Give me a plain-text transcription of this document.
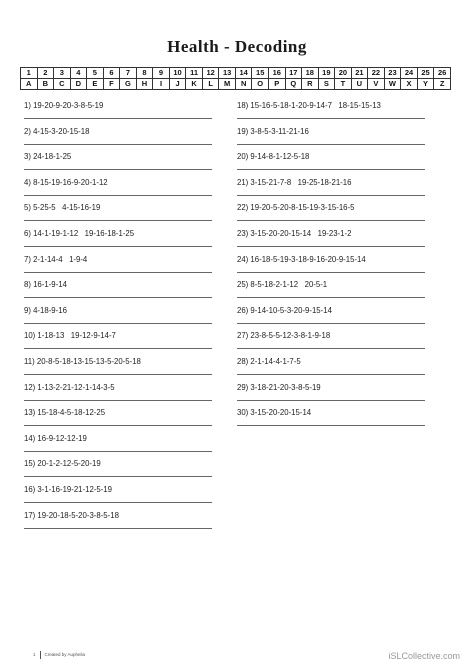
Health - Decoding
1	2	3	4	5	6	7	8	9	10	11	12	13	14	15	16	17	18	19	20	21	22	23	24	25	26
A	B	C	D	E	F	G	H	I	J	K	L	M	N	O	P	Q	R	S	T	U	V	W	X	Y	Z
1) 19-20-9-20-3-8-5-19
2) 4-15-3-20-15-18
3) 24-18-1-25
4) 8-15-19-16-9-20-1-12
5) 5-25-5   4-15-16-19
6) 14-1-19-1-12   19-16-18-1-25
7) 2-1-14-4   1-9-4
8) 16-1-9-14
9) 4-18-9-16
10) 1-18-13   19-12-9-14-7
11) 20-8-5-18-13-15-13-5-20-5-18
12) 1-13-2-21-12-1-14-3-5
13) 15-18-4-5-18-12-25
14) 16-9-12-12-19
15) 20-1-2-12-5-20-19
16) 3-1-16-19-21-12-5-19
17) 19-20-18-5-20-3-8-5-18
18) 15-16-5-18-1-20-9-14-7   18-15-15-13
19) 3-8-5-3-11-21-16
20) 9-14-8-1-12-5-18
21) 3-15-21-7-8   19-25-18-21-16
22) 19-20-5-20-8-15-19-3-15-16-5
23) 3-15-20-20-15-14   19-23-1-2
24) 16-18-5-19-3-18-9-16-20-9-15-14
25) 8-5-18-2-1-12   20-5-1
26) 9-14-10-5-3-20-9-15-14
27) 23-8-5-5-12-3-8-1-9-18
28) 2-1-14-4-1-7-5
29) 3-18-21-20-3-8-5-19
30) 3-15-20-20-15-14
1 Created by Auphelia	iSLCollective.com
